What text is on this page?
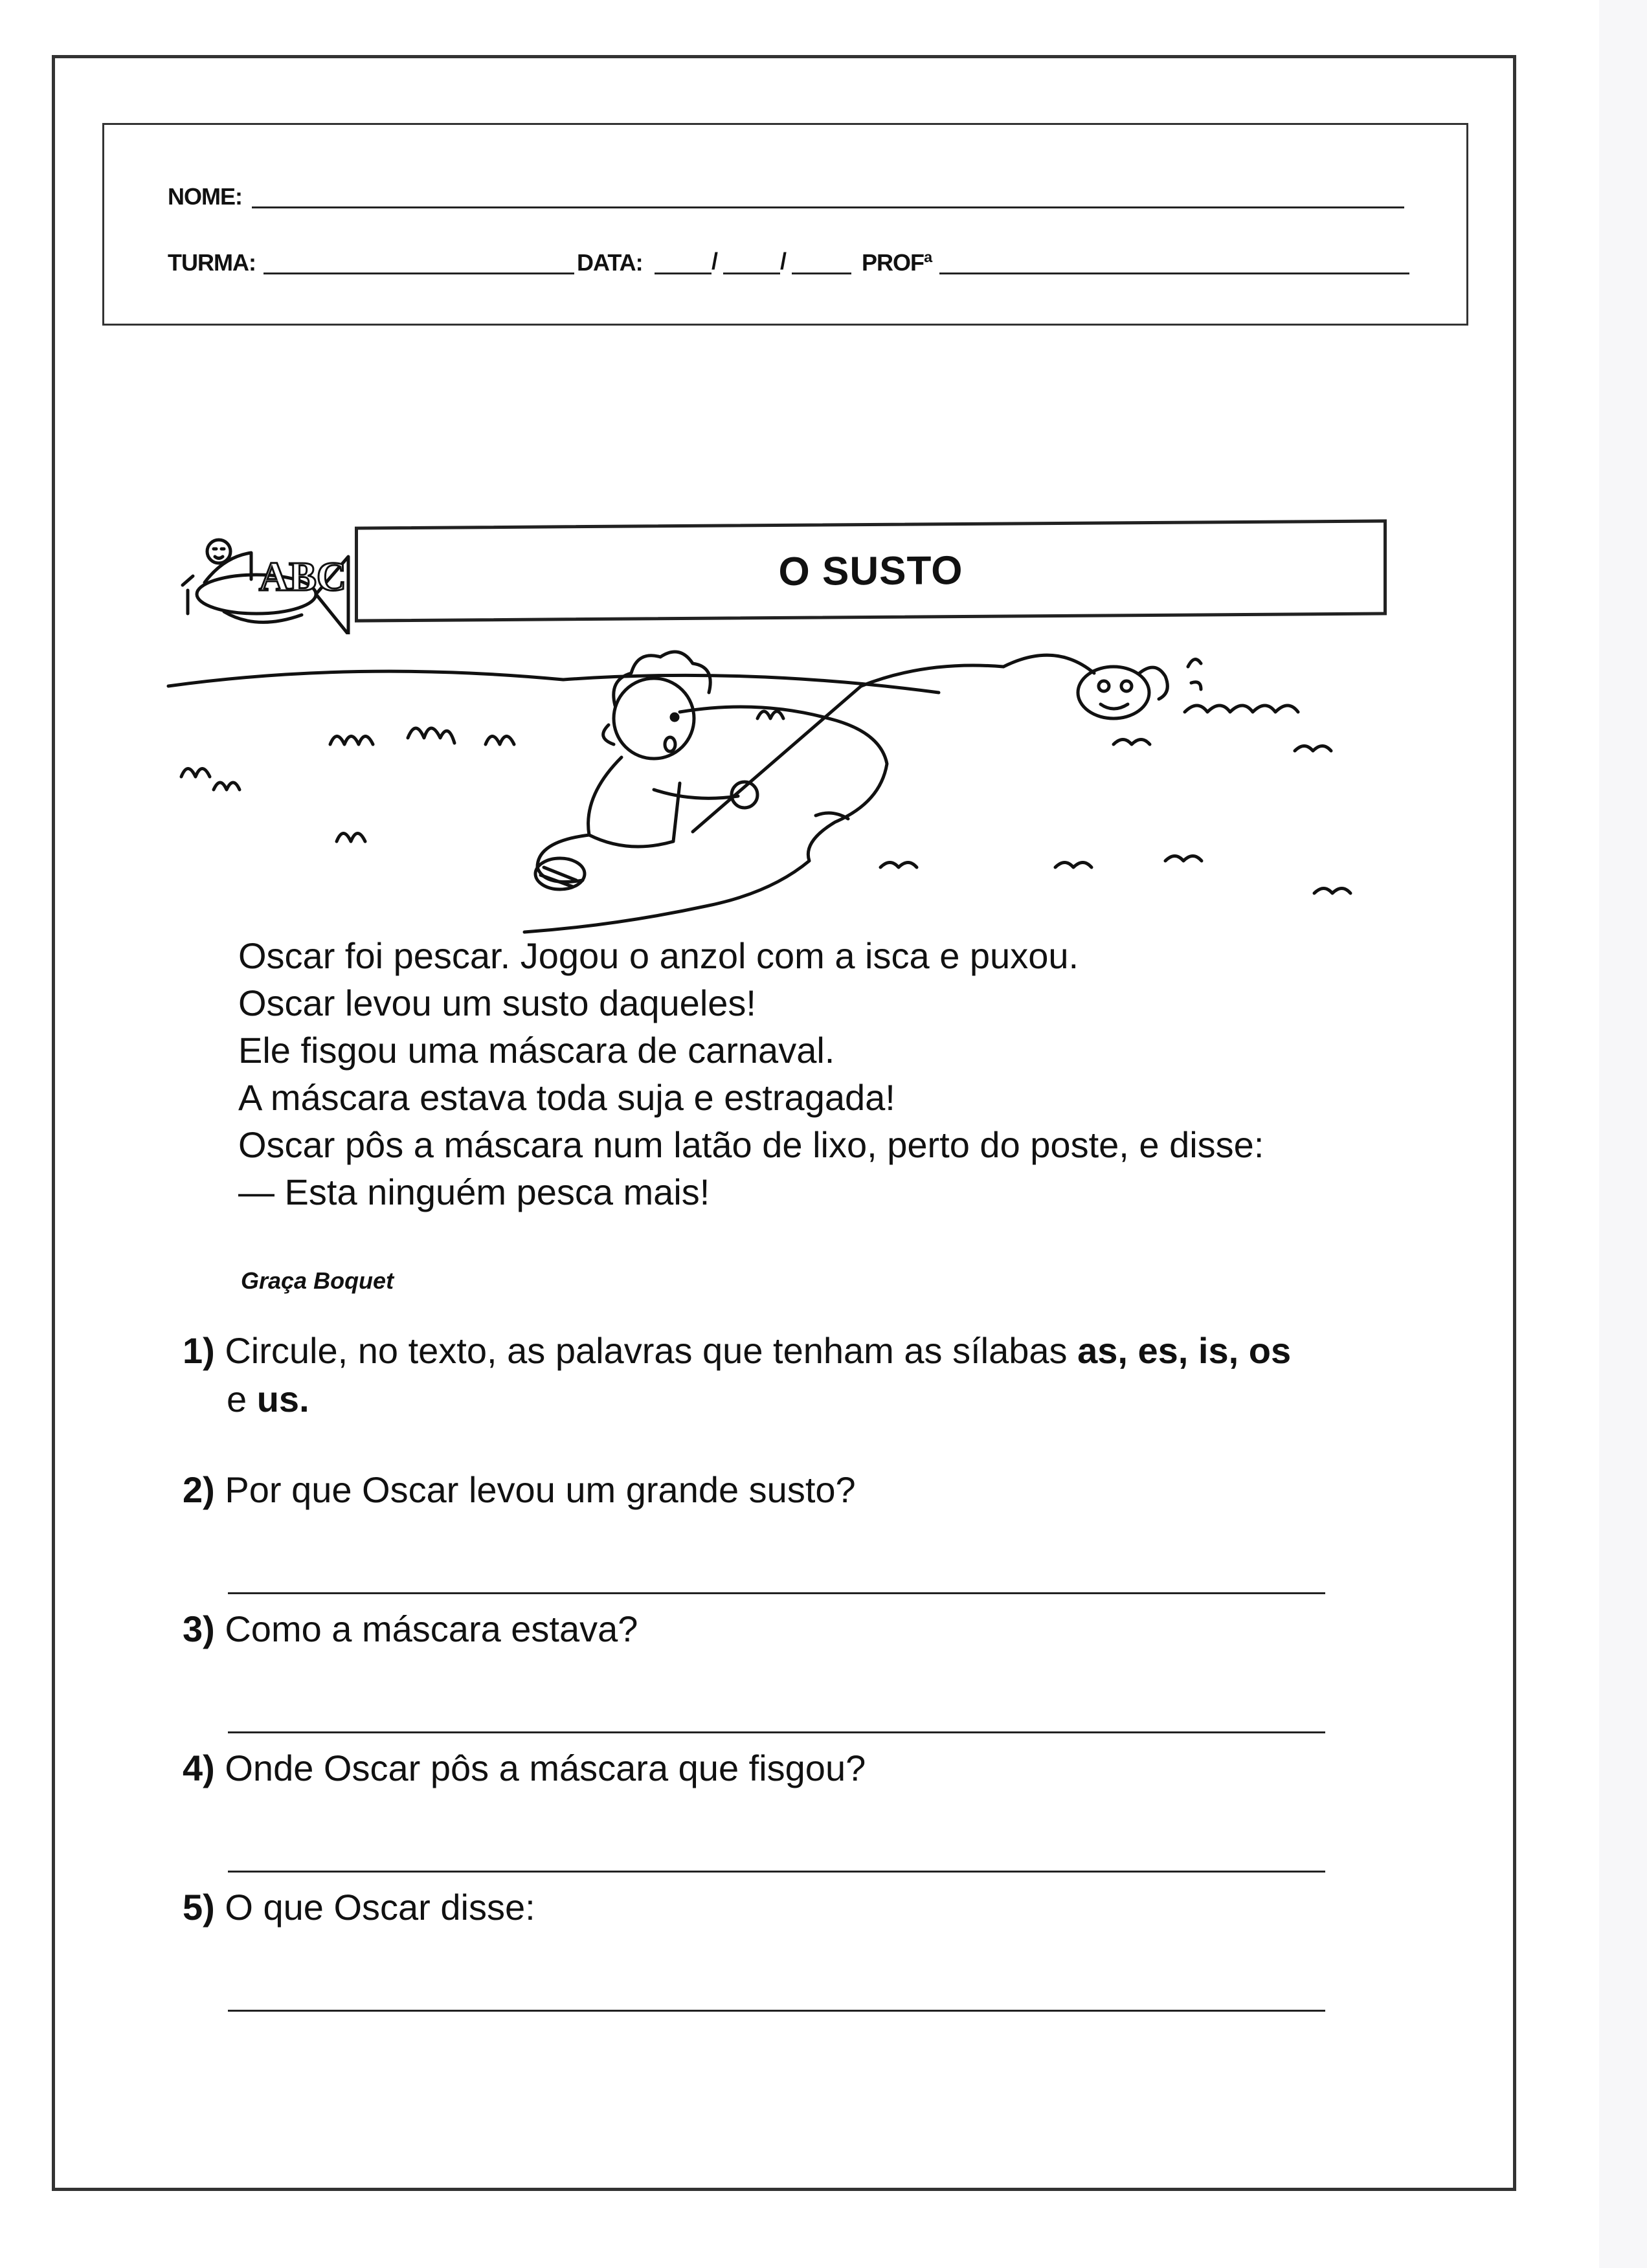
NOME:
TURMA:	DATA:	/	/	PROFª
ABC	O SUSTO
Oscar foi pescar. Jogou o anzol com a isca e puxou.
Oscar levou um susto daqueles!
Ele fisgou uma máscara de carnaval.
A máscara estava toda suja e estragada!
Oscar pôs a máscara num latão de lixo, perto do poste, e disse:
— Esta ninguém pesca mais!
Graça Boquet
1) Circule, no texto, as palavras que tenham as sílabas as, es, is, os
e us.
2) Por que Oscar levou um grande susto?
3) Como a máscara estava?
4) Onde Oscar pôs a máscara que fisgou?
5) O que Oscar disse:
